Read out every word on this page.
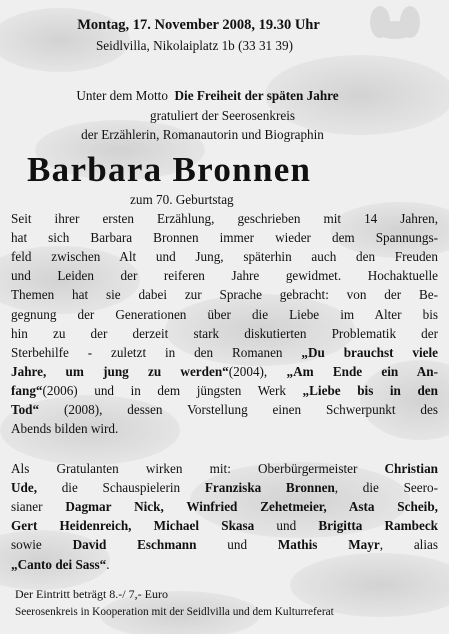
Montag, 17. November 2008, 19.30 Uhr
Seidlvilla, Nikolaiplatz 1b (33 31 39)
Unter dem Motto Die Freiheit der späten Jahre
gratuliert der Seerosenkreis
der Erzählerin, Romanautorin und Biographin
Barbara Bronnen
zum 70. Geburtstag
Seit ihrer ersten Erzählung, geschrieben mit 14 Jahren,
hat sich Barbara Bronnen immer wieder dem Spannungs-
feld zwischen Alt und Jung, späterhin auch den Freuden
und Leiden der reiferen Jahre gewidmet. Hochaktuelle
Themen hat sie dabei zur Sprache gebracht: von der Be-
gegnung der Generationen über die Liebe im Alter bis
hin zu der derzeit stark diskutierten Problematik der
Sterbehilfe - zuletzt in den Romanen „Du brauchst viele
Jahre, um jung zu werden“(2004), „Am Ende ein An-
fang“(2006) und in dem jüngsten Werk „Liebe bis in den
Tod“ (2008), dessen Vorstellung einen Schwerpunkt des
Abends bilden wird.
Als Gratulanten wirken mit: Oberbürgermeister Christian
Ude, die Schauspielerin Franziska Bronnen, die Seero-
sianer Dagmar Nick, Winfried Zehetmeier, Asta Scheib,
Gert Heidenreich, Michael Skasa und Brigitta Rambeck
sowie David Eschmann und Mathis Mayr, alias
„Canto dei Sass“.
Der Eintritt beträgt 8.-/ 7,- Euro
Seerosenkreis in Kooperation mit der Seidlvilla und dem Kulturreferat
